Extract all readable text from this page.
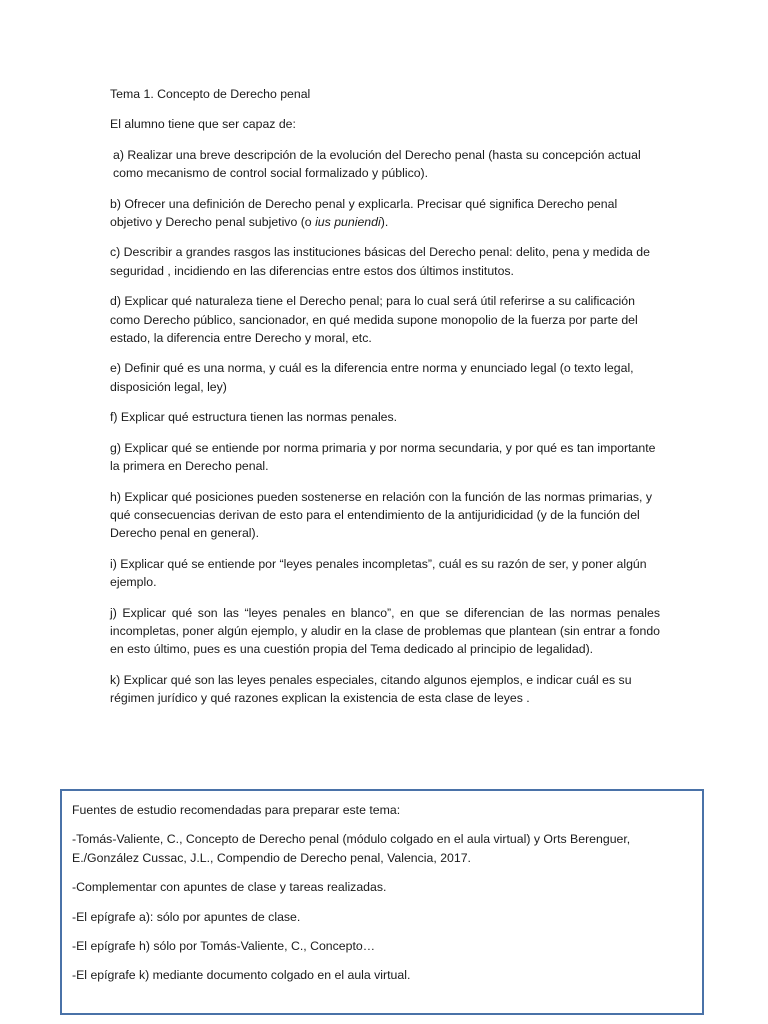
Tema 1. Concepto de Derecho penal

El alumno tiene que ser capaz de:

a) Realizar una breve descripción de la evolución del Derecho penal (hasta su concepción actual como mecanismo de control social formalizado y público).

b) Ofrecer una definición de Derecho penal y explicarla. Precisar qué significa Derecho penal objetivo y Derecho penal subjetivo (o ius puniendi).

c) Describir a grandes rasgos las instituciones básicas del Derecho penal: delito, pena y medida de seguridad , incidiendo en las diferencias entre estos dos últimos institutos.

d) Explicar qué naturaleza tiene el Derecho penal; para lo cual será útil referirse a su calificación como Derecho público, sancionador, en qué medida supone monopolio de la fuerza por parte del estado, la diferencia entre Derecho y moral, etc.

e) Definir qué es una norma, y cuál es la diferencia entre norma y enunciado legal (o texto legal, disposición legal, ley)

f) Explicar qué estructura tienen las normas penales.

g) Explicar qué se entiende por norma primaria y por norma secundaria, y por qué es tan importante la primera en Derecho penal.

h) Explicar qué posiciones pueden sostenerse en relación con la función de las normas primarias, y qué consecuencias derivan de esto para el entendimiento de la antijuridicidad (y de la función del Derecho penal en general).

i) Explicar qué se entiende por “leyes penales incompletas”, cuál es su razón de ser, y poner algún ejemplo.

j) Explicar qué son las “leyes penales en blanco”, en que se diferencian de las normas penales incompletas, poner algún ejemplo, y aludir en la clase de problemas que plantean (sin entrar a fondo en esto último, pues es una cuestión propia del Tema dedicado al principio de legalidad).

k) Explicar qué son las leyes penales especiales, citando algunos ejemplos, e indicar cuál es su régimen jurídico y qué razones explican la existencia de esta clase de leyes .

Fuentes de estudio recomendadas para preparar este tema:

-Tomás-Valiente, C., Concepto de Derecho penal (módulo colgado en el aula virtual) y Orts Berenguer, E./González Cussac, J.L., Compendio de Derecho penal, Valencia, 2017.

-Complementar con apuntes de clase y tareas realizadas.

-El epígrafe a): sólo por apuntes de clase.

-El epígrafe h) sólo por Tomás-Valiente, C., Concepto…

-El epígrafe k) mediante documento colgado en el aula virtual.
